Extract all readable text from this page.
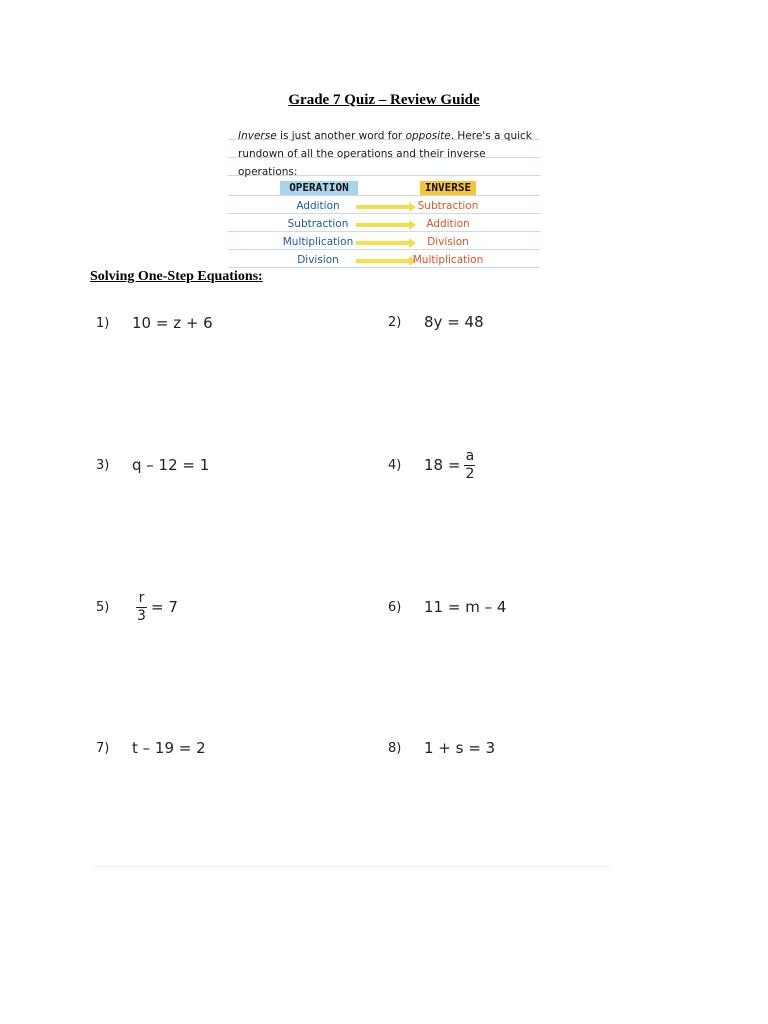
Grade 7 Quiz – Review Guide
Inverse is just another word for opposite. Here's a quick rundown of all the operations and their inverse operations:
OPERATION	INVERSE
Addition	Subtraction
Subtraction	Addition
Multiplication	Division
Division	Multiplication
Solving One-Step Equations:
1)	10 = z + 6	2)	8y = 48
3)	q – 12 = 1	4)	$18 = \frac{a}{2}$
5)	$\frac{r}{3} = 7$	6)	11 = m – 4
7)	t – 19 = 2	8)	1 + s = 3
